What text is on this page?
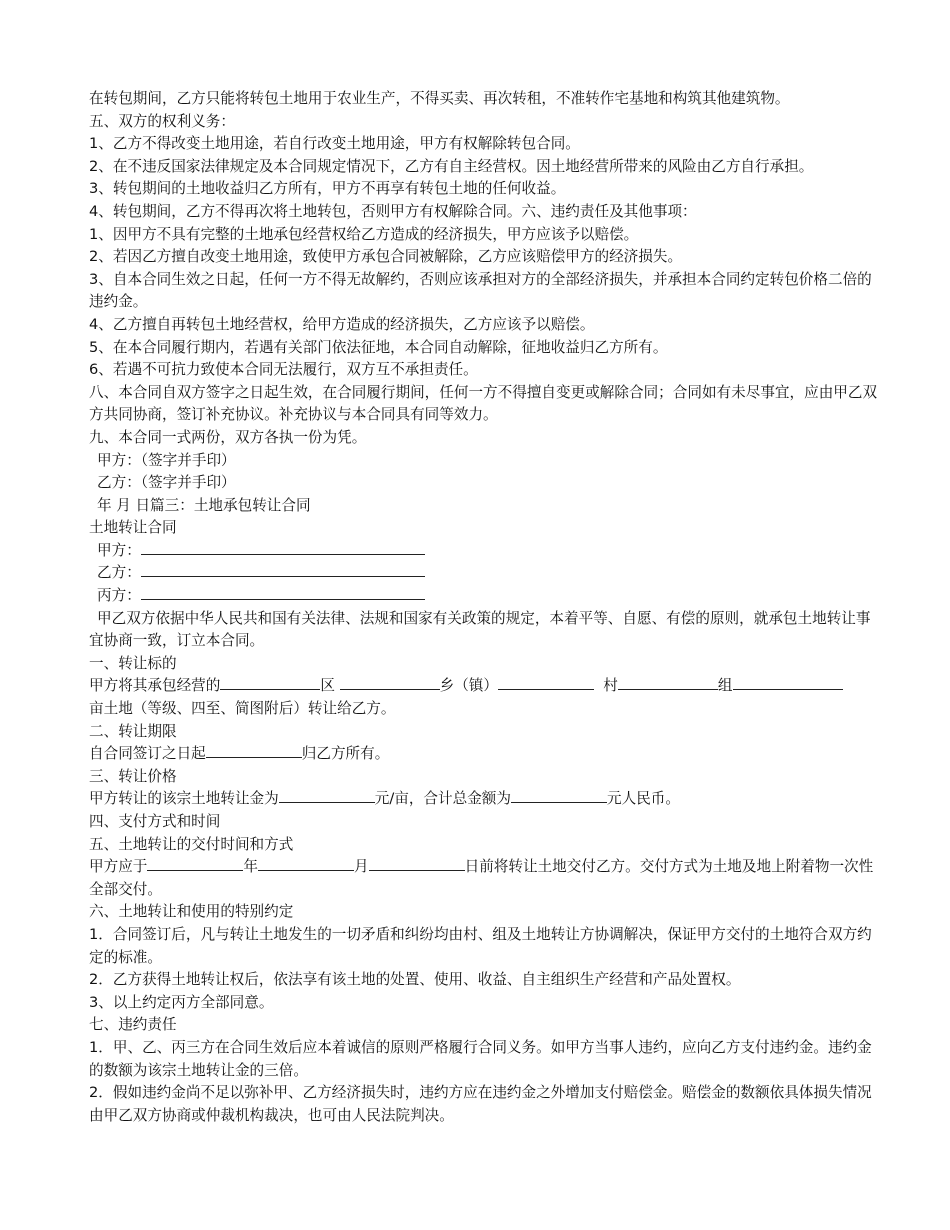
在转包期间，乙方只能将转包土地用于农业生产，不得买卖、再次转租，不准转作宅基地和构筑其他建筑物。
五、双方的权利义务：
1、乙方不得改变土地用途，若自行改变土地用途，甲方有权解除转包合同。
2、在不违反国家法律规定及本合同规定情况下，乙方有自主经营权。因土地经营所带来的风险由乙方自行承担。
3、转包期间的土地收益归乙方所有，甲方不再享有转包土地的任何收益。
4、转包期间，乙方不得再次将土地转包，否则甲方有权解除合同。六、违约责任及其他事项：
1、因甲方不具有完整的土地承包经营权给乙方造成的经济损失，甲方应该予以赔偿。
2、若因乙方擅自改变土地用途，致使甲方承包合同被解除，乙方应该赔偿甲方的经济损失。
3、自本合同生效之日起，任何一方不得无故解约，否则应该承担对方的全部经济损失，并承担本合同约定转包价格二倍的违约金。
4、乙方擅自再转包土地经营权，给甲方造成的经济损失，乙方应该予以赔偿。
5、在本合同履行期内，若遇有关部门依法征地，本合同自动解除，征地收益归乙方所有。
6、若遇不可抗力致使本合同无法履行，双方互不承担责任。
八、本合同自双方签字之日起生效，在合同履行期间，任何一方不得擅自变更或解除合同；合同如有未尽事宜，应由甲乙双方共同协商，签订补充协议。补充协议与本合同具有同等效力。
九、本合同一式两份，双方各执一份为凭。
甲方：（签字并手印）
乙方：（签字并手印）
年 月 日篇三：土地承包转让合同
土地转让合同
甲方：
乙方：
丙方：
甲乙双方依据中华人民共和国有关法律、法规和国家有关政策的规定，本着平等、自愿、有偿的原则，就承包土地转让事宜协商一致，订立本合同。
一、转让标的
甲方将其承包经营的	区	乡（镇）	村	组
亩土地（等级、四至、简图附后）转让给乙方。
二、转让期限
自合同签订之日起	归乙方所有。
三、转让价格
甲方转让的该宗土地转让金为	元/亩，合计总金额为	元人民币。
四、支付方式和时间
五、土地转让的交付时间和方式
甲方应于	年	月	日前将转让土地交付乙方。交付方式为土地及地上附着物一次性全部交付。
六、土地转让和使用的特别约定
1．合同签订后，凡与转让土地发生的一切矛盾和纠纷均由村、组及土地转让方协调解决，保证甲方交付的土地符合双方约定的标准。
2．乙方获得土地转让权后，依法享有该土地的处置、使用、收益、自主组织生产经营和产品处置权。
3、以上约定丙方全部同意。
七、违约责任
1．甲、乙、丙三方在合同生效后应本着诚信的原则严格履行合同义务。如甲方当事人违约，应向乙方支付违约金。违约金的数额为该宗土地转让金的三倍。
2．假如违约金尚不足以弥补甲、乙方经济损失时，违约方应在违约金之外增加支付赔偿金。赔偿金的数额依具体损失情况由甲乙双方协商或仲裁机构裁决，也可由人民法院判决。
